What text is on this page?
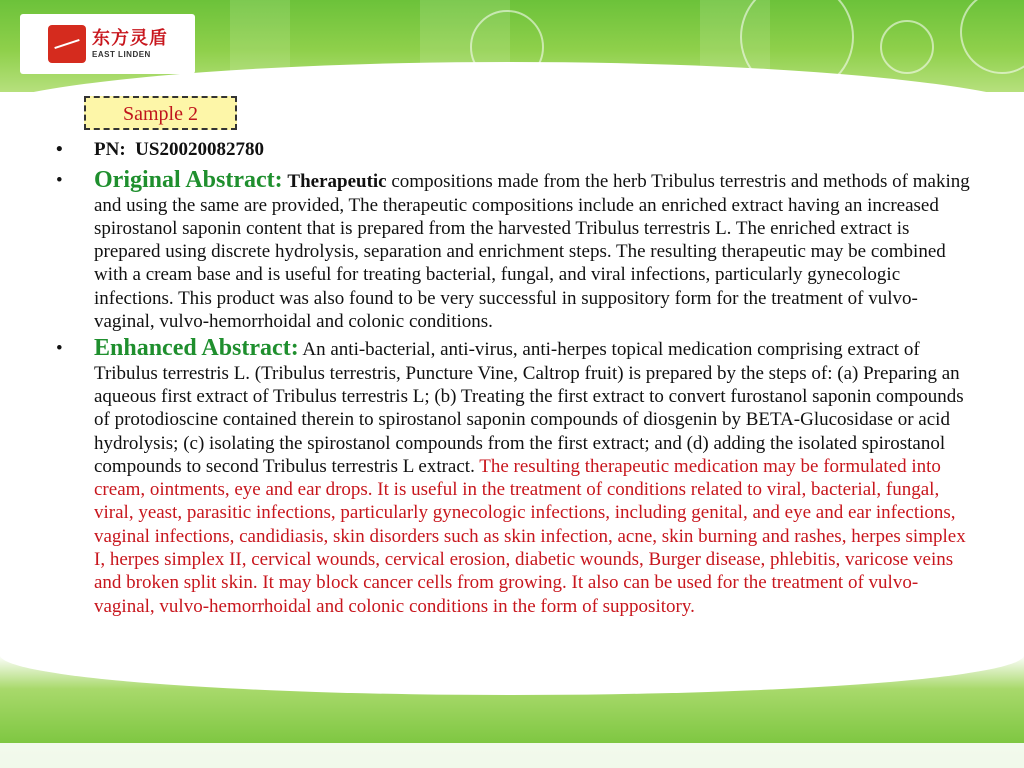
东方灵盾
EAST LINDEN
Sample 2
•	PN: US20020082780
•	Original Abstract: Therapeutic compositions made from the herb Tribulus terrestris and methods of making and using the same are provided, The therapeutic compositions include an enriched extract having an increased spirostanol saponin content that is prepared from the harvested Tribulus terrestris L. The enriched extract is prepared using discrete hydrolysis, separation and enrichment steps. The resulting therapeutic may be combined with a cream base and is useful for treating bacterial, fungal, and viral infections, particularly gynecologic infections. This product was also found to be very successful in suppository form for the treatment of vulvo-vaginal, vulvo-hemorrhoidal and colonic conditions.
•	Enhanced Abstract: An anti-bacterial, anti-virus, anti-herpes topical medication comprising extract of Tribulus terrestris L. (Tribulus terrestris, Puncture Vine, Caltrop fruit) is prepared by the steps of: (a) Preparing an aqueous first extract of Tribulus terrestris L; (b) Treating the first extract to convert furostanol saponin compounds of protodioscine contained therein to spirostanol saponin compounds of diosgenin by BETA-Glucosidase or acid hydrolysis; (c) isolating the spirostanol compounds from the first extract; and (d) adding the isolated spirostanol compounds to second Tribulus terrestris L extract. The resulting therapeutic medication may be formulated into cream, ointments, eye and ear drops. It is useful in the treatment of conditions related to viral, bacterial, fungal, viral, yeast, parasitic infections, particularly gynecologic infections, including genital, and eye and ear infections, vaginal infections, candidiasis, skin disorders such as skin infection, acne, skin burning and rashes, herpes simplex I, herpes simplex II, cervical wounds, cervical erosion, diabetic wounds, Burger disease, phlebitis, varicose veins and broken split skin. It may block cancer cells from growing. It also can be used for the treatment of vulvo-vaginal, vulvo-hemorrhoidal and colonic conditions in the form of suppository.
